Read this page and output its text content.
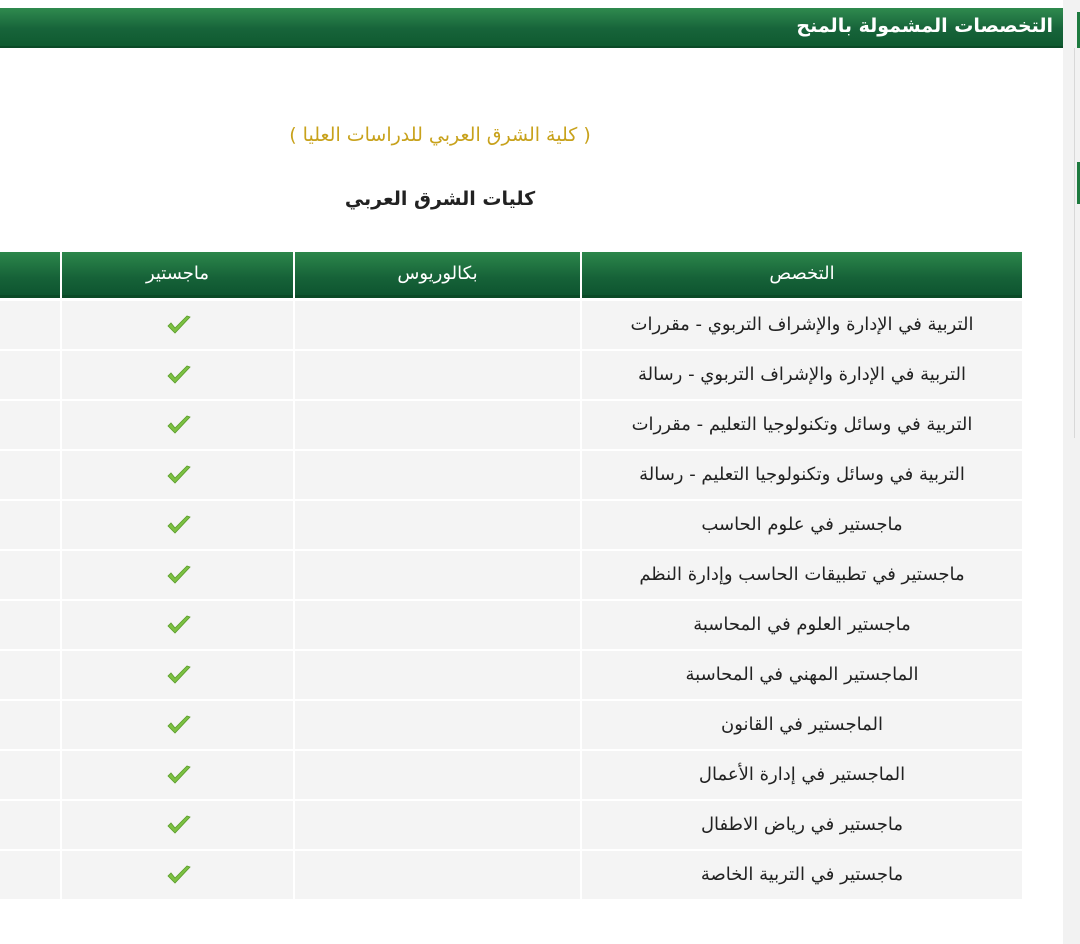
التخصصات المشمولة بالمنح
( كلية الشرق العربي للدراسات العليا )
كليات الشرق العربي
ماجستير	بكالوريوس	التخصص
التربية في الإدارة والإشراف التربوي - مقررات
التربية في الإدارة والإشراف التربوي - رسالة
التربية في وسائل وتكنولوجيا التعليم - مقررات
التربية في وسائل وتكنولوجيا التعليم - رسالة
ماجستير في علوم الحاسب
ماجستير في تطبيقات الحاسب وإدارة النظم
ماجستير العلوم في المحاسبة
الماجستير المهني في المحاسبة
الماجستير في القانون
الماجستير في إدارة الأعمال
ماجستير في رياض الاطفال
ماجستير في التربية الخاصة
